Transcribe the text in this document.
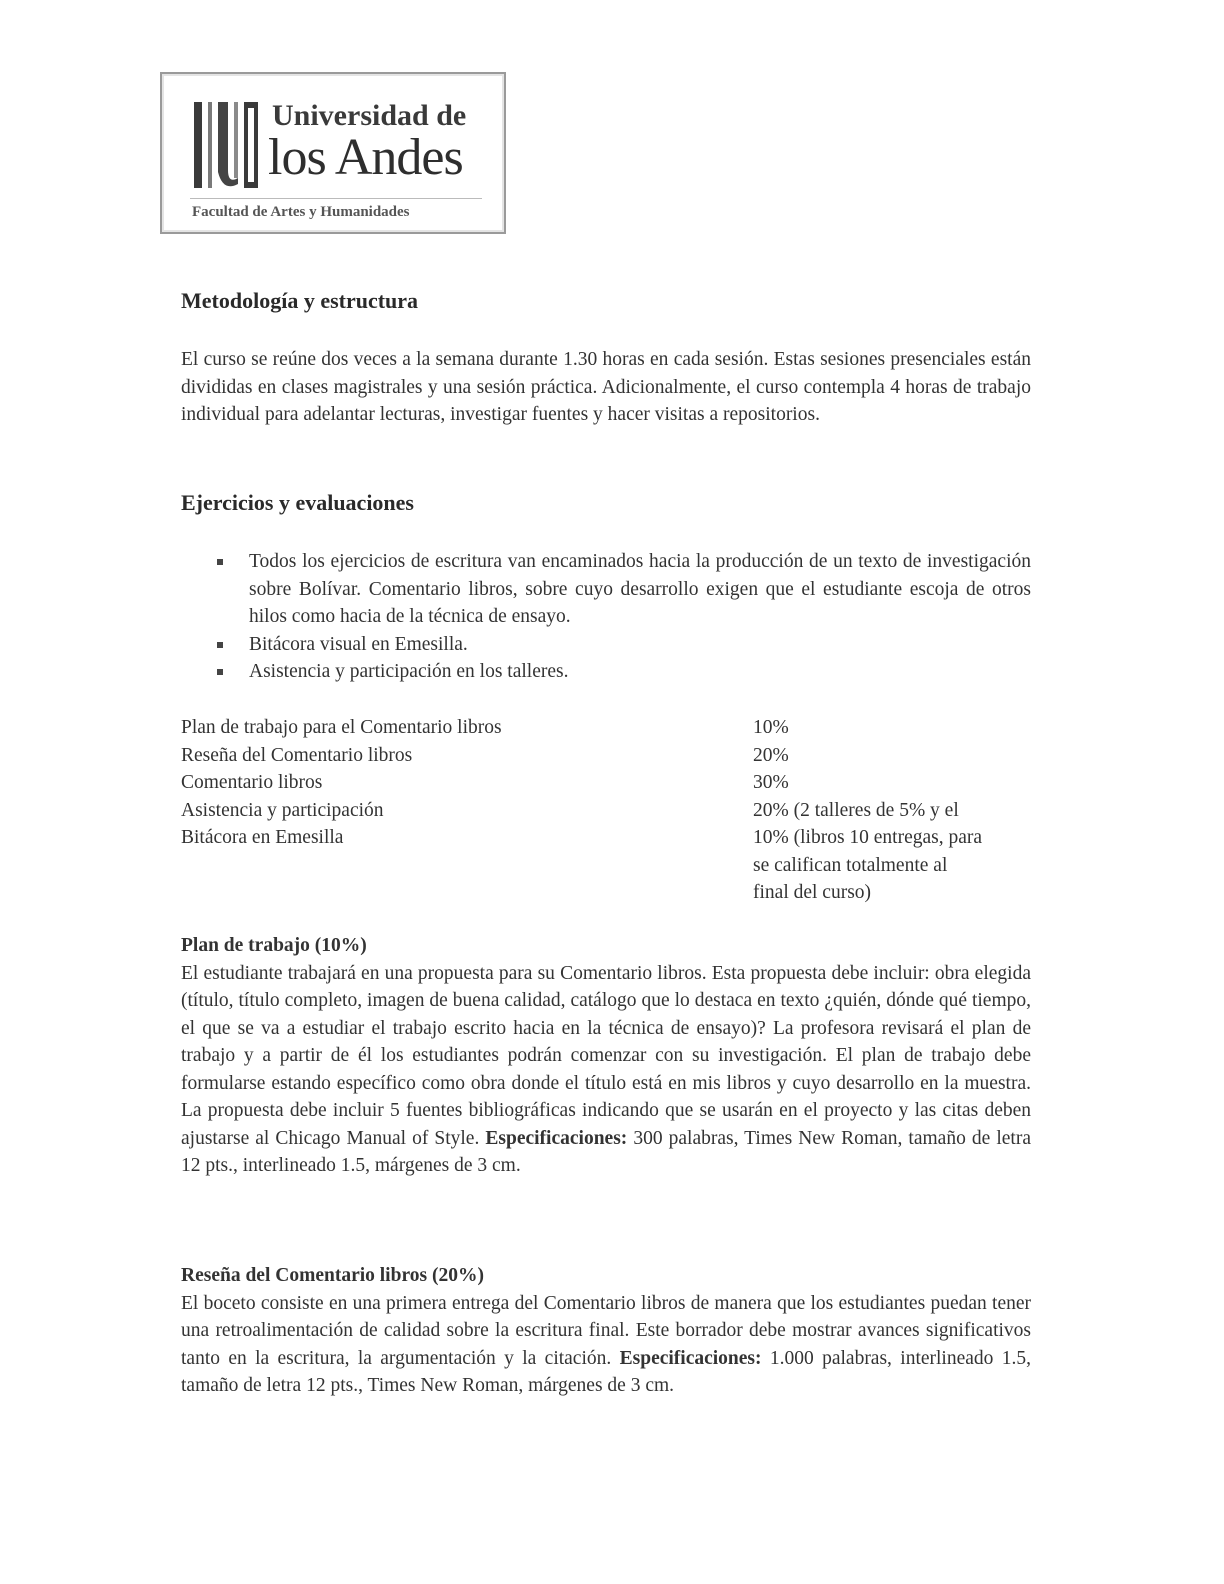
Universidad de
los Andes
Facultad de Artes y Humanidades
Metodología y estructura

El curso se reúne dos veces a la semana durante 1.30 horas en cada sesión. Estas sesiones presenciales están divididas en clases magistrales y una sesión práctica. Adicionalmente, el curso contempla 4 horas de trabajo individual para adelantar lecturas, investigar fuentes y hacer visitas a repositorios.

Ejercicios y evaluaciones
Todos los ejercicios de escritura van encaminados hacia la producción de un texto de investigación sobre Bolívar. Comentario libros, sobre cuyo desarrollo exigen que el estudiante escoja de otros hilos como hacia de la técnica de ensayo.
Bitácora visual en Emesilla.
Asistencia y participación en los talleres.
Plan de trabajo para el Comentario libros	10%
Reseña del Comentario libros	20%
Comentario libros	30%
Asistencia y participación	20% (2 talleres de 5% y el
Bitácora en Emesilla	10% (libros 10 entregas, para
	se califican totalmente al
	final del curso)
Plan de trabajo (10%)
El estudiante trabajará en una propuesta para su Comentario libros. Esta propuesta debe incluir: obra elegida (título, título completo, imagen de buena calidad, catálogo que lo destaca en texto ¿quién, dónde qué tiempo, el que se va a estudiar el trabajo escrito hacia en la técnica de ensayo)? La profesora revisará el plan de trabajo y a partir de él los estudiantes podrán comenzar con su investigación. El plan de trabajo debe formularse estando específico como obra donde el título está en mis libros y cuyo desarrollo en la muestra. La propuesta debe incluir 5 fuentes bibliográficas indicando que se usarán en el proyecto y las citas deben ajustarse al Chicago Manual of Style. Especificaciones: 300 palabras, Times New Roman, tamaño de letra 12 pts., interlineado 1.5, márgenes de 3 cm.
Reseña del Comentario libros (20%)
El boceto consiste en una primera entrega del Comentario libros de manera que los estudiantes puedan tener una retroalimentación de calidad sobre la escritura final. Este borrador debe mostrar avances significativos tanto en la escritura, la argumentación y la citación. Especificaciones: 1.000 palabras, interlineado 1.5, tamaño de letra 12 pts., Times New Roman, márgenes de 3 cm.
